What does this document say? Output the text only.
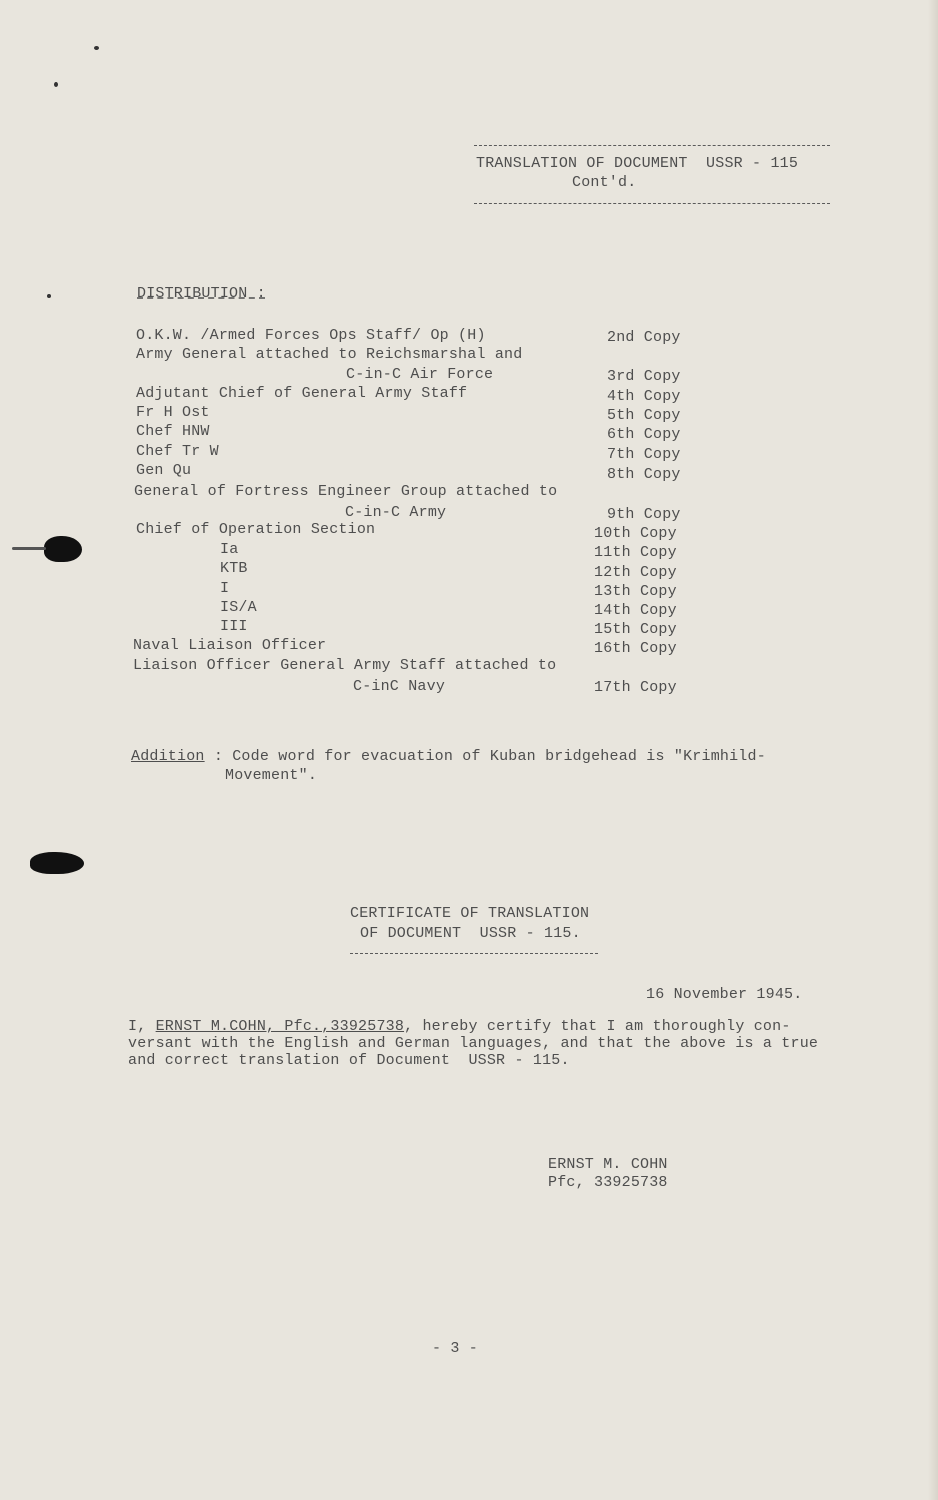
TRANSLATION OF DOCUMENT  USSR - 115
Cont'd.
DISTRIBUTION :
O.K.W. /Armed Forces Ops Staff/ Op (H)	2nd Copy
Army General attached to Reichsmarshal and
C-in-C Air Force	3rd Copy
Adjutant Chief of General Army Staff	4th Copy
Fr H Ost	5th Copy
Chef HNW	6th Copy
Chef Tr W	7th Copy
Gen Qu	8th Copy
General of Fortress Engineer Group attached to
C-in-C Army	9th Copy
Chief of Operation Section	10th Copy
Ia	11th Copy
KTB	12th Copy
I	13th Copy
IS/A	14th Copy
III	15th Copy
Naval Liaison Officer	16th Copy
Liaison Officer General Army Staff attached to
C-inC Navy	17th Copy
Addition : Code word for evacuation of Kuban bridgehead is "Krimhild-
Movement".
CERTIFICATE OF TRANSLATION
OF DOCUMENT  USSR - 115.
16 November 1945.
I, ERNST M.COHN, Pfc.,33925738, hereby certify that I am thoroughly con-
versant with the English and German languages, and that the above is a true
and correct translation of Document  USSR - 115.
ERNST M. COHN
Pfc, 33925738
- 3 -
